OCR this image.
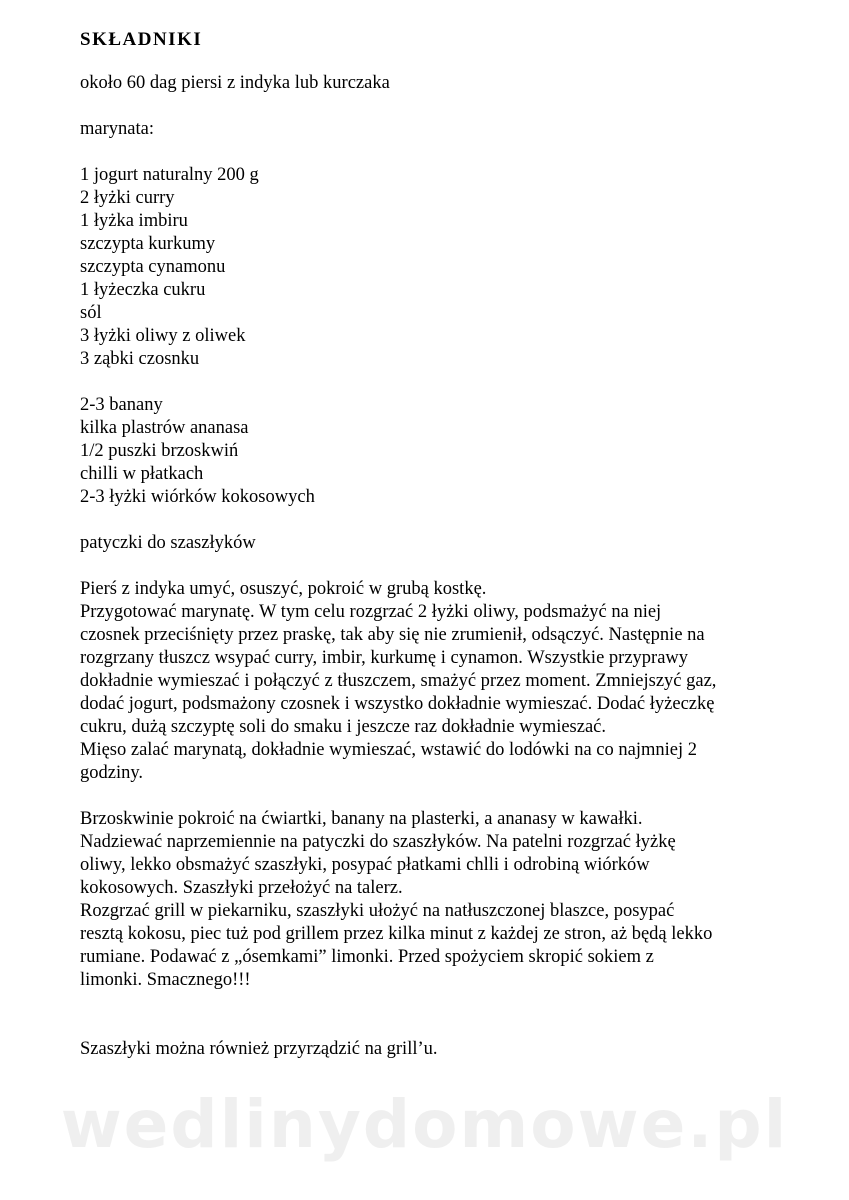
SKŁADNIKI

około 60 dag piersi z indyka lub kurczaka

marynata:

1 jogurt naturalny 200 g

2 łyżki curry

1 łyżka imbiru

szczypta kurkumy

szczypta cynamonu

1 łyżeczka cukru

sól

3 łyżki oliwy z oliwek

3 ząbki czosnku

2-3 banany

kilka plastrów ananasa

1/2 puszki brzoskwiń

chilli w płatkach

2-3 łyżki wiórków kokosowych

patyczki do szaszłyków

Pierś z indyka umyć, osuszyć, pokroić w grubą kostkę.

Przygotować marynatę. W tym celu rozgrzać 2 łyżki oliwy, podsmażyć na niej

czosnek przeciśnięty przez praskę, tak aby się nie zrumienił, odsączyć. Następnie na

rozgrzany tłuszcz wsypać curry, imbir, kurkumę i cynamon. Wszystkie przyprawy

dokładnie wymieszać i połączyć z tłuszczem, smażyć przez moment. Zmniejszyć gaz,

dodać jogurt, podsmażony czosnek i wszystko dokładnie wymieszać. Dodać łyżeczkę

cukru, dużą szczyptę soli do smaku i jeszcze raz dokładnie wymieszać.

Mięso zalać marynatą, dokładnie wymieszać, wstawić do lodówki na co najmniej 2

godziny.

Brzoskwinie pokroić na ćwiartki, banany na plasterki, a ananasy w kawałki.

Nadziewać naprzemiennie na patyczki do szaszłyków. Na patelni rozgrzać łyżkę

oliwy, lekko obsmażyć szaszłyki, posypać płatkami chlli i odrobiną wiórków

kokosowych. Szaszłyki przełożyć na talerz.

Rozgrzać grill w piekarniku, szaszłyki ułożyć na natłuszczonej blaszce, posypać

resztą kokosu, piec tuż pod grillem przez kilka minut z każdej ze stron, aż będą lekko

rumiane. Podawać z „ósemkami” limonki. Przed spożyciem skropić sokiem z

limonki. Smacznego!!!

Szaszłyki można również przyrządzić na grill’u.

wedlinydomowe.pl
